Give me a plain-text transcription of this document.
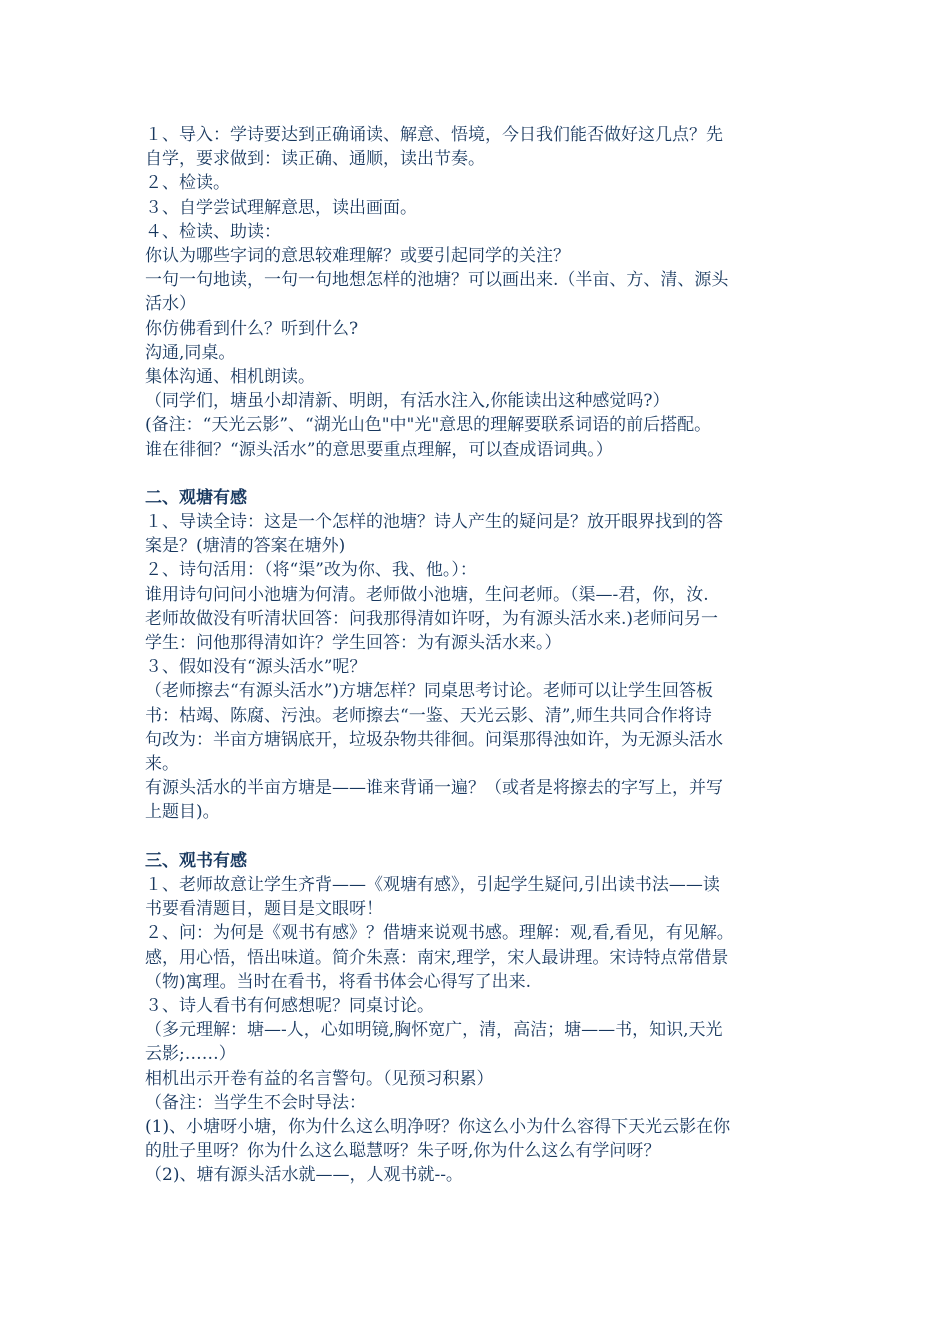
１、导入：学诗要达到正确诵读、解意、悟境，今日我们能否做好这几点？先
自学，要求做到：读正确、通顺，读出节奏。
２、检读。
３、自学尝试理解意思，读出画面。
４、检读、助读：
你认为哪些字词的意思较难理解？或要引起同学的关注？
一句一句地读，一句一句地想怎样的池塘？可以画出来.（半亩、方、清、源头
活水）
你仿佛看到什么？听到什么?
沟通,同桌。
集体沟通、相机朗读。
（同学们，塘虽小却清新、明朗，有活水注入,你能读出这种感觉吗?）
(备注：“天光云影”、“湖光山色"中"光"意思的理解要联系词语的前后搭配。
谁在徘徊？“源头活水”的意思要重点理解，可以查成语词典。）
二、观塘有感
１、导读全诗：这是一个怎样的池塘？诗人产生的疑问是？放开眼界找到的答
案是？(塘清的答案在塘外)
２、诗句活用：（将“渠”改为你、我、他。）：
谁用诗句问问小池塘为何清。老师做小池塘，生问老师。（渠—-君，你，汝.
老师故做没有听清状回答：问我那得清如许呀，为有源头活水来.)老师问另一
学生：问他那得清如许？学生回答：为有源头活水来。）
３、假如没有“源头活水”呢？
（老师擦去“有源头活水”)方塘怎样？同桌思考讨论。老师可以让学生回答板
书：枯竭、陈腐、污浊。老师擦去“一鉴、天光云影、清”,师生共同合作将诗
句改为：半亩方塘锅底开，垃圾杂物共徘徊。问渠那得浊如许，为无源头活水
来。
有源头活水的半亩方塘是——谁来背诵一遍？（或者是将擦去的字写上，并写
上题目)。
三、观书有感
１、老师故意让学生齐背——《观塘有感》，引起学生疑问,引出读书法——读
书要看清题目，题目是文眼呀！
２、问：为何是《观书有感》？借塘来说观书感。理解：观,看,看见，有见解。
感，用心悟，悟出味道。简介朱熹：南宋,理学，宋人最讲理。宋诗特点常借景
（物)寓理。当时在看书，将看书体会心得写了出来.
３、诗人看书有何感想呢？同桌讨论。
（多元理解：塘—-人，心如明镜,胸怀宽广，清，高洁；塘——书，知识,天光
云影;……）
相机出示开卷有益的名言警句。（见预习积累）
（备注：当学生不会时导法：
(1)、小塘呀小塘，你为什么这么明净呀？你这么小为什么容得下天光云影在你
的肚子里呀？你为什么这么聪慧呀？朱子呀,你为什么这么有学问呀？
（2)、塘有源头活水就——，人观书就--。
